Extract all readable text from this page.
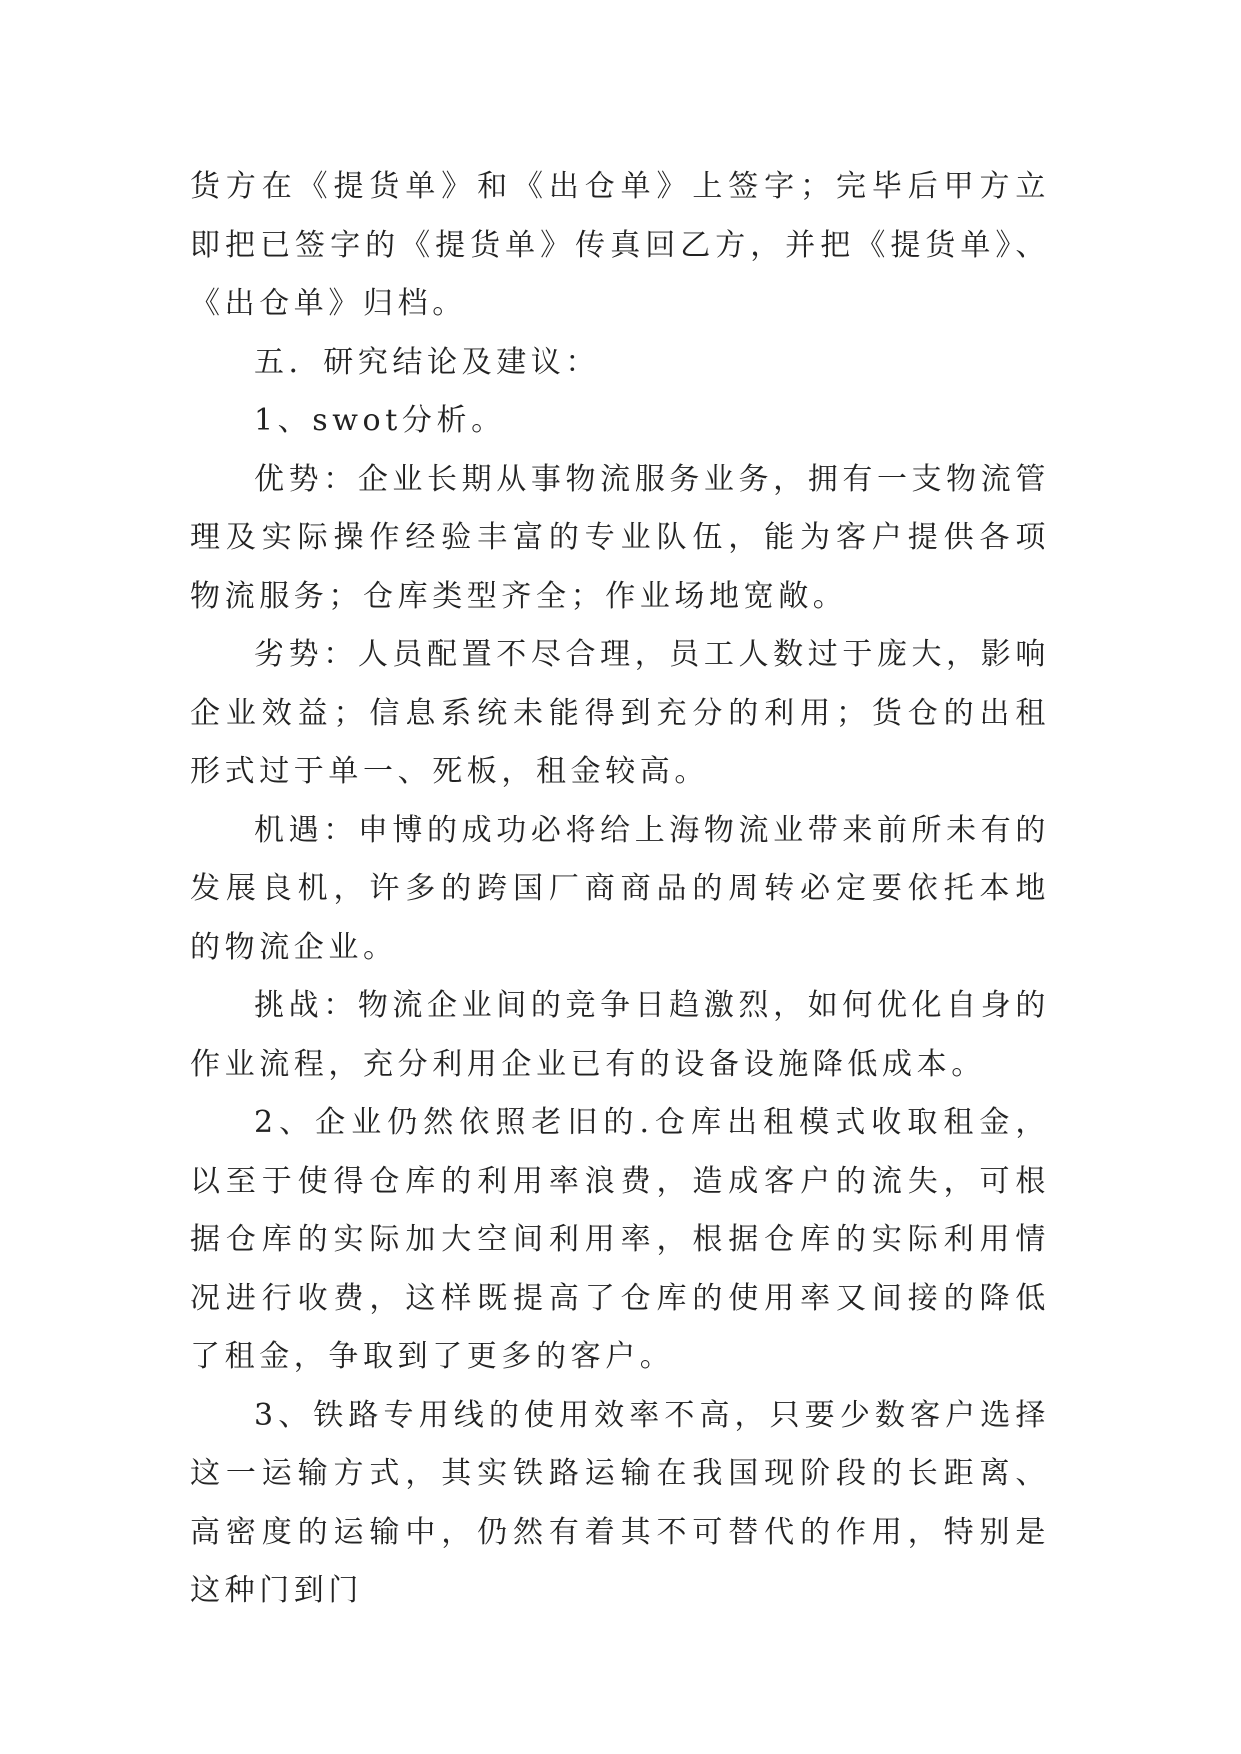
货方在《提货单》和《出仓单》上签字；完毕后甲方立即把已签字的《提货单》传真回乙方，并把《提货单》、《出仓单》归档。

五．研究结论及建议：

1、swot分析。

优势：企业长期从事物流服务业务，拥有一支物流管理及实际操作经验丰富的专业队伍，能为客户提供各项物流服务；仓库类型齐全；作业场地宽敞。

劣势：人员配置不尽合理，员工人数过于庞大，影响企业效益；信息系统未能得到充分的利用；货仓的出租形式过于单一、死板，租金较高。

机遇：申博的成功必将给上海物流业带来前所未有的发展良机，许多的跨国厂商商品的周转必定要依托本地的物流企业。

挑战：物流企业间的竞争日趋激烈，如何优化自身的作业流程，充分利用企业已有的设备设施降低成本。

2、企业仍然依照老旧的.仓库出租模式收取租金，以至于使得仓库的利用率浪费，造成客户的流失，可根据仓库的实际加大空间利用率，根据仓库的实际利用情况进行收费，这样既提高了仓库的使用率又间接的降低了租金，争取到了更多的客户。

3、铁路专用线的使用效率不高，只要少数客户选择这一运输方式，其实铁路运输在我国现阶段的长距离、高密度的运输中，仍然有着其不可替代的作用，特别是这种门到门
